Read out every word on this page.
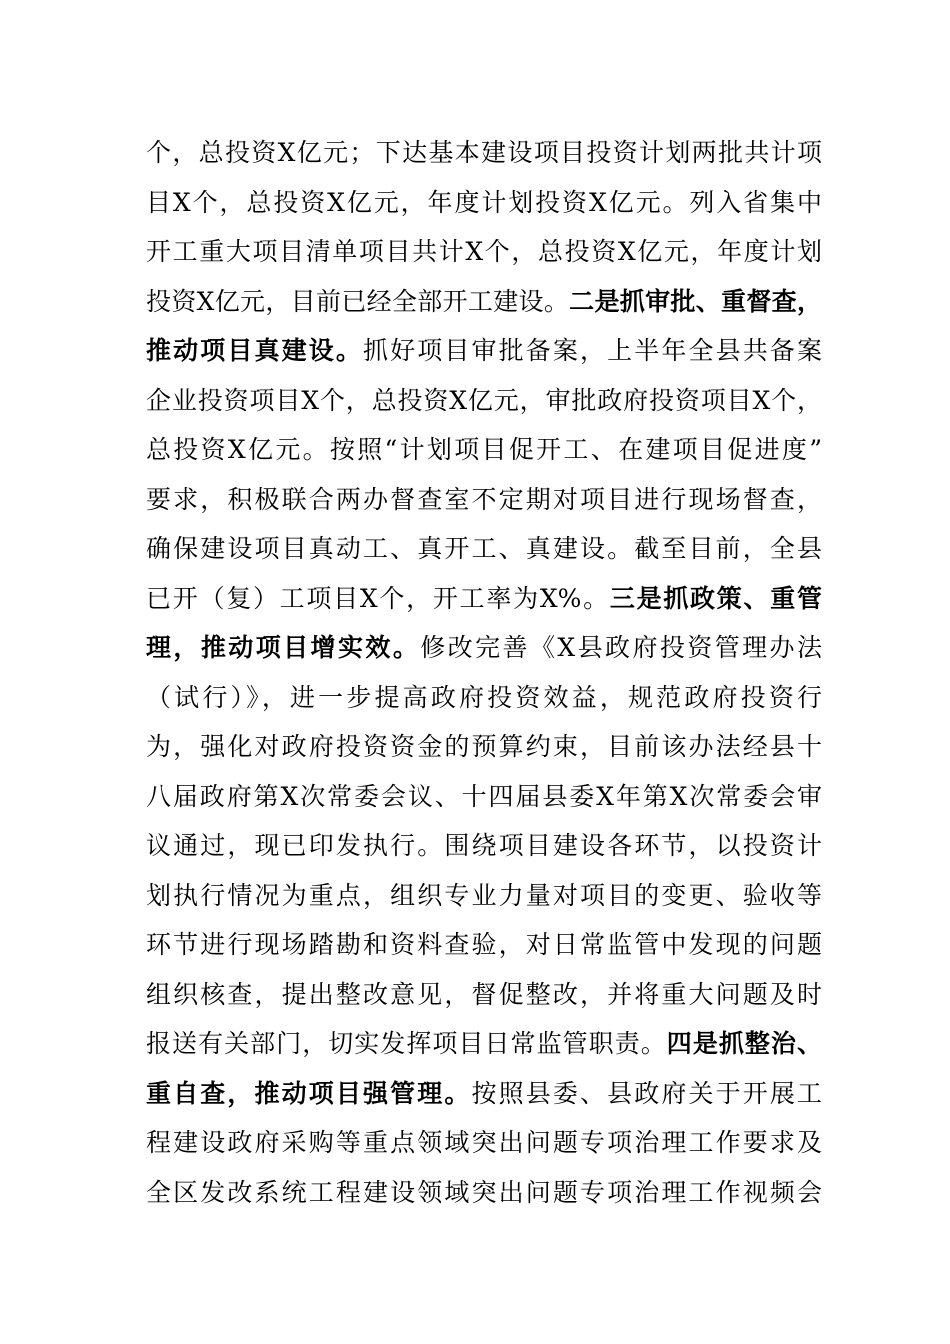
个，总投资X亿元；下达基本建设项目投资计划两批共计项
目X个，总投资X亿元，年度计划投资X亿元。列入省集中
开工重大项目清单项目共计X个，总投资X亿元，年度计划
投资X亿元，目前已经全部开工建设。二是抓审批、重督查，
推动项目真建设。抓好项目审批备案，上半年全县共备案
企业投资项目X个，总投资X亿元，审批政府投资项目X个，
总投资X亿元。按照“计划项目促开工、在建项目促进度”
要求，积极联合两办督查室不定期对项目进行现场督查，
确保建设项目真动工、真开工、真建设。截至目前，全县
已开（复）工项目X个，开工率为X%。三是抓政策、重管
理，推动项目增实效。修改完善《X县政府投资管理办法
（试行）》，进一步提高政府投资效益，规范政府投资行
为，强化对政府投资资金的预算约束，目前该办法经县十
八届政府第X次常委会议、十四届县委X年第X次常委会审
议通过，现已印发执行。围绕项目建设各环节，以投资计
划执行情况为重点，组织专业力量对项目的变更、验收等
环节进行现场踏勘和资料查验，对日常监管中发现的问题
组织核查，提出整改意见，督促整改，并将重大问题及时
报送有关部门，切实发挥项目日常监管职责。四是抓整治、
重自查，推动项目强管理。按照县委、县政府关于开展工
程建设政府采购等重点领域突出问题专项治理工作要求及
全区发改系统工程建设领域突出问题专项治理工作视频会
